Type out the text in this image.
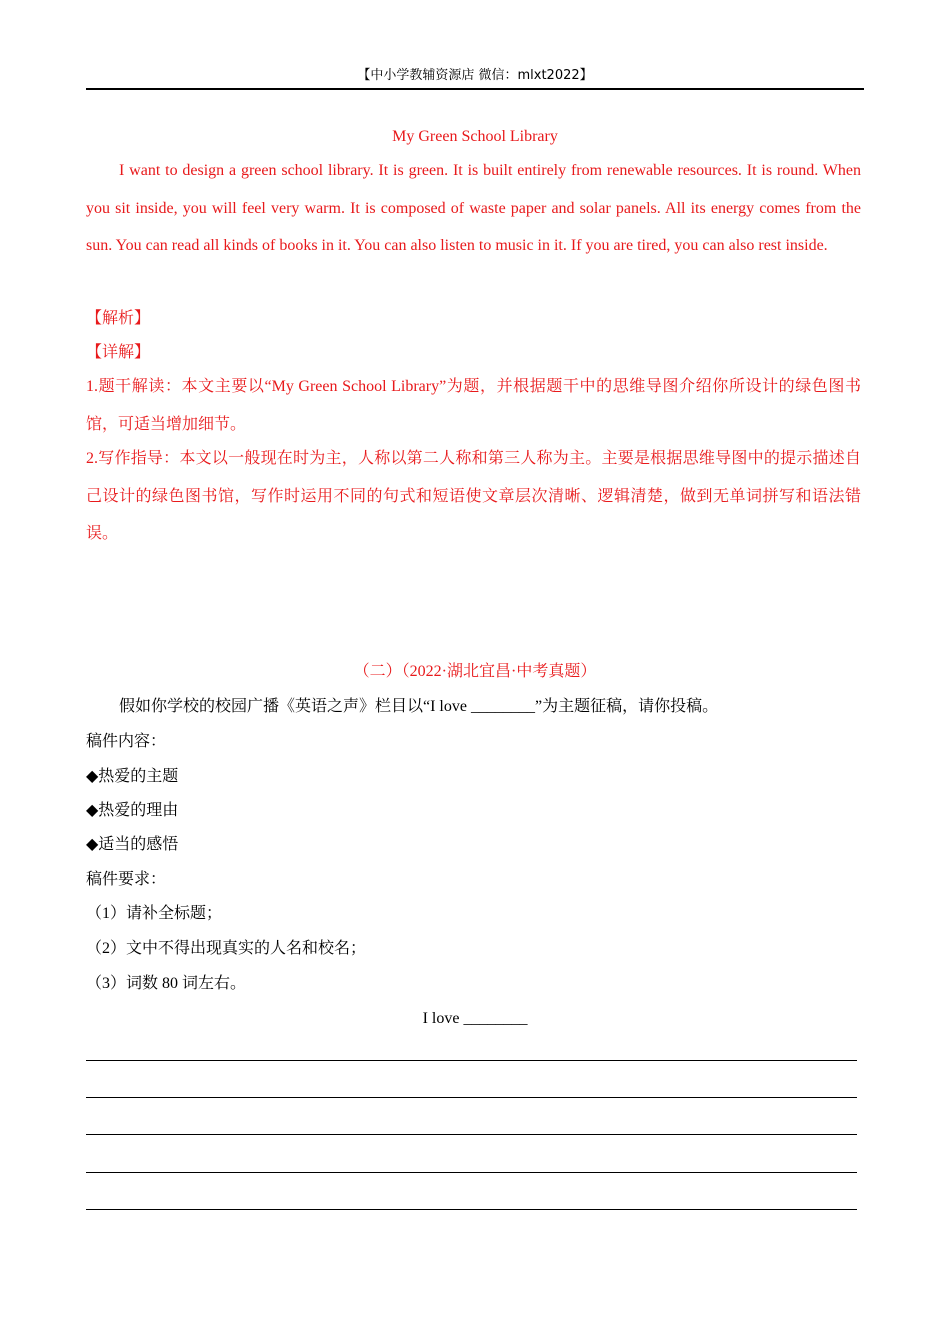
【中小学教辅资源店 微信：mlxt2022】
My Green School Library

I want to design a green school library. It is green. It is built entirely from renewable resources. It is round. When you sit inside, you will feel very warm. It is composed of waste paper and solar panels. All its energy comes from the sun. You can read all kinds of books in it. You can also listen to music in it. If you are tired, you can also rest inside.

【解析】
【详解】

1.题干解读：本文主要以“My Green School Library”为题，并根据题干中的思维导图介绍你所设计的绿色图书馆，可适当增加细节。

2.写作指导：本文以一般现在时为主，人称以第二人称和第三人称为主。主要是根据思维导图中的提示描述自己设计的绿色图书馆，写作时运用不同的句式和短语使文章层次清晰、逻辑清楚，做到无单词拼写和语法错误。

（二）（2022·湖北宜昌·中考真题）
假如你学校的校园广播《英语之声》栏目以“I love ________”为主题征稿，请你投稿。
稿件内容：
◆热爱的主题
◆热爱的理由
◆适当的感悟
稿件要求：
（1）请补全标题；
（2）文中不得出现真实的人名和校名；
（3）词数 80 词左右。
I love ________
